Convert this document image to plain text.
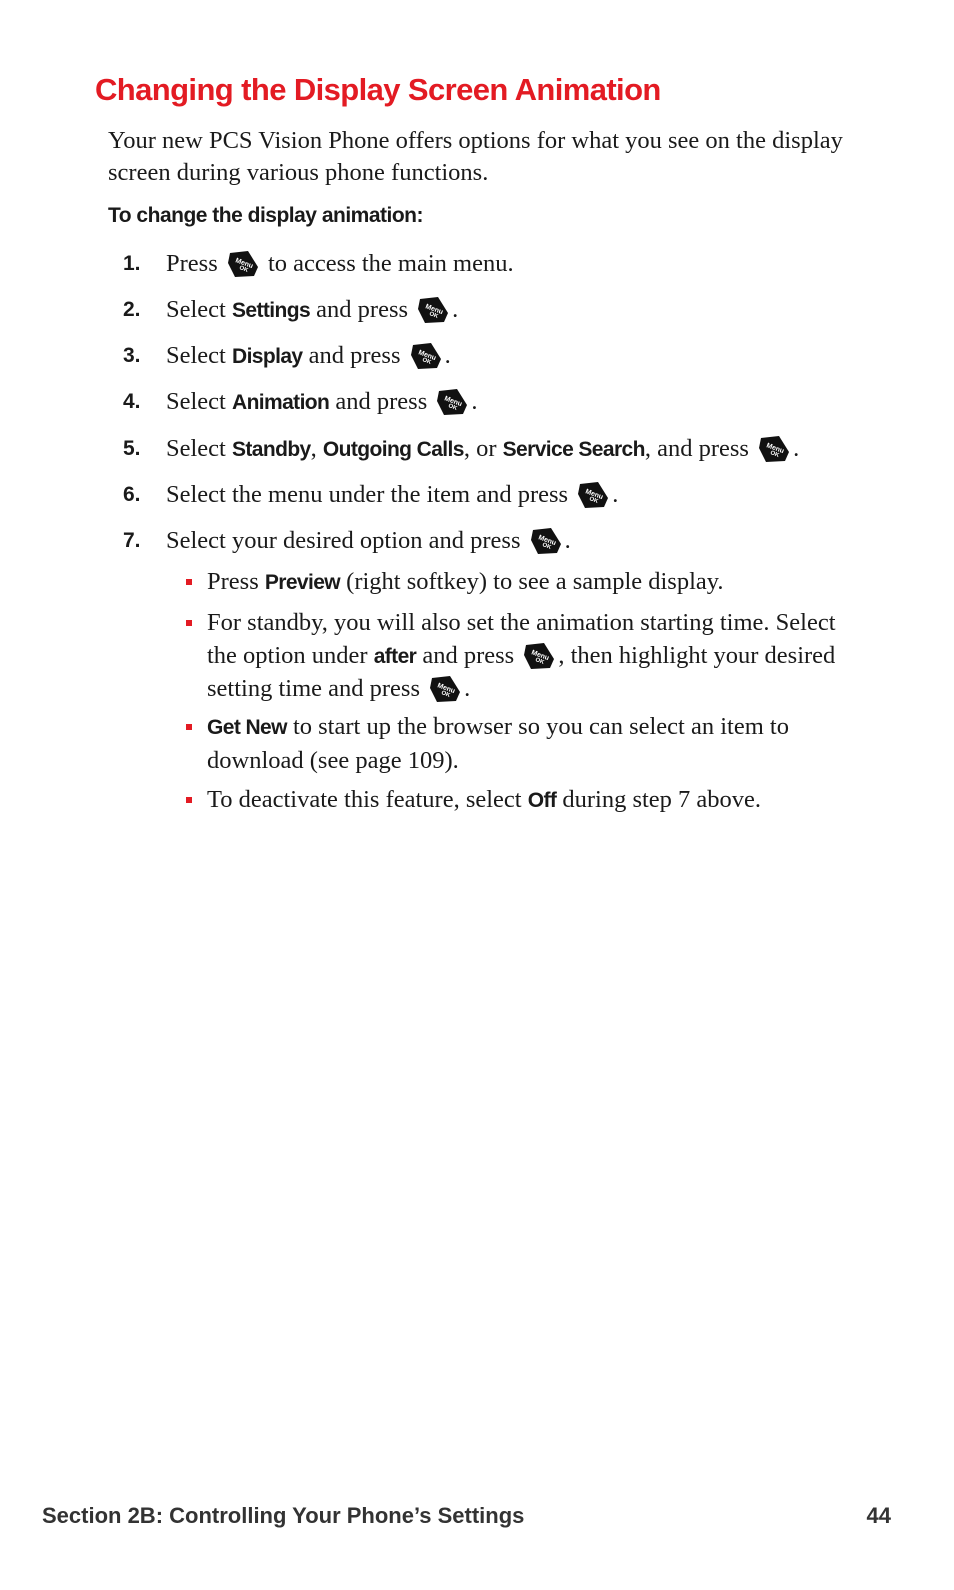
Changing the Display Screen Animation

Your new PCS Vision Phone offers options for what you see on the display screen during various phone functions.

To change the display animation:

1. Press to access the main menu.
2. Select Settings and press .
3. Select Display and press .
4. Select Animation and press .
5. Select Standby, Outgoing Calls, or Service Search, and press .
6. Select the menu under the item and press .
7. Select your desired option and press .
Press Preview (right softkey) to see a sample display.
For standby, you will also set the animation starting time. Select the option under after and press , then highlight your desired setting time and press .
Get New to start up the browser so you can select an item to download (see page 109).
To deactivate this feature, select Off during step 7 above.
Section 2B: Controlling Your Phone’s Settings	44
